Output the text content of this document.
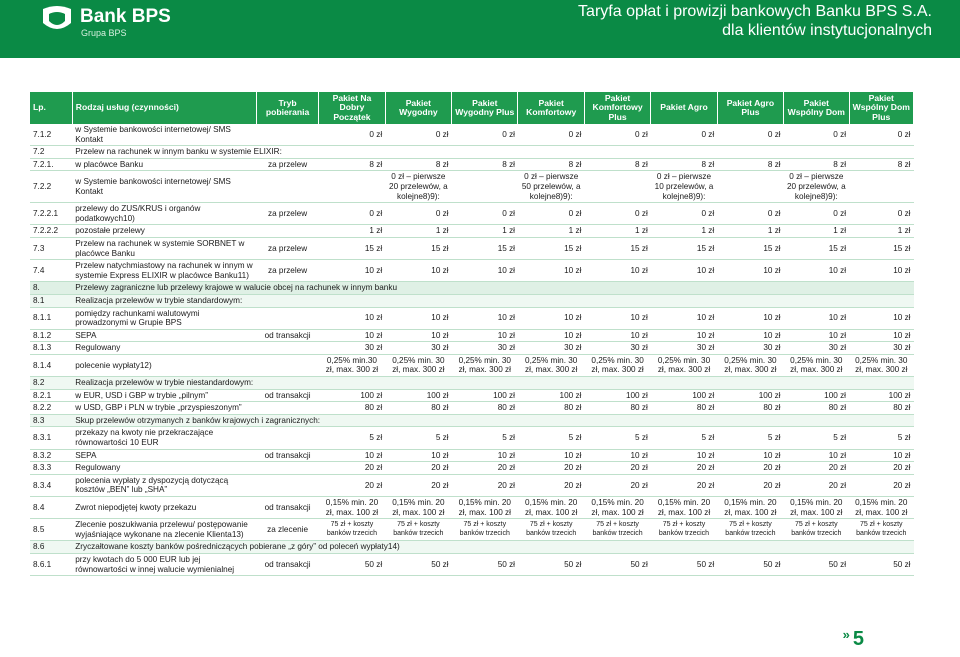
Bank BPS
Grupa BPS
Taryfa opłat i prowizji bankowych Banku BPS S.A.
dla klientów instytucjonalnych
Lp.	Rodzaj usług (czynności)	Tryb pobierania	Pakiet Na Dobry Początek	Pakiet Wygodny	Pakiet Wygodny Plus	Pakiet Komfortowy	Pakiet Komfortowy Plus	Pakiet Agro	Pakiet Agro Plus	Pakiet Wspólny Dom	Pakiet Wspólny Dom Plus
7.1.2	w Systemie bankowości internetowej/ SMS Kontakt		0 zł	0 zł	0 zł	0 zł	0 zł	0 zł	0 zł	0 zł	0 zł
7.2	Przelew na rachunek w innym banku w systemie ELIXIR:										
7.2.1.	w placówce Banku	za przelew	8 zł	8 zł	8 zł	8 zł	8 zł	8 zł	8 zł	8 zł	8 zł
7.2.2	w Systemie bankowości internetowej/ SMS Kontakt			0 zł – pierwsze 20 przelewów, a kolejne8)9):		0 zł – pierwsze 50 przelewów, a kolejne8)9):		0 zł – pierwsze 10 przelewów, a kolejne8)9):		0 zł – pierwsze 20 przelewów, a kolejne8)9):	
7.2.2.1	przelewy do ZUS/KRUS i organów podatkowych10)	za przelew	0 zł	0 zł	0 zł	0 zł	0 zł	0 zł	0 zł	0 zł	0 zł
7.2.2.2	pozostałe przelewy		1 zł	1 zł	1 zł	1 zł	1 zł	1 zł	1 zł	1 zł	1 zł
7.3	Przelew na rachunek w systemie SORBNET w placówce Banku	za przelew	15 zł	15 zł	15 zł	15 zł	15 zł	15 zł	15 zł	15 zł	15 zł
7.4	Przelew natychmiastowy na rachunek w innym w systemie Express ELIXIR w placówce Banku11)	za przelew	10 zł	10 zł	10 zł	10 zł	10 zł	10 zł	10 zł	10 zł	10 zł
8.	Przelewy zagraniczne lub przelewy krajowe w walucie obcej na rachunek w innym banku										
8.1	Realizacja przelewów w trybie standardowym:										
8.1.1	pomiędzy rachunkami walutowymi prowadzonymi w Grupie BPS		10 zł	10 zł	10 zł	10 zł	10 zł	10 zł	10 zł	10 zł	10 zł
8.1.2	SEPA	od transakcji	10 zł	10 zł	10 zł	10 zł	10 zł	10 zł	10 zł	10 zł	10 zł
8.1.3	Regulowany		30 zł	30 zł	30 zł	30 zł	30 zł	30 zł	30 zł	30 zł	30 zł
8.1.4	polecenie wypłaty12)		0,25% min.30 zł, max. 300 zł	0,25% min. 30 zł, max. 300 zł	0,25% min. 30 zł, max. 300 zł	0,25% min. 30 zł, max. 300 zł	0,25% min. 30 zł, max. 300 zł	0,25% min. 30 zł, max. 300 zł	0,25% min. 30 zł, max. 300 zł	0,25% min. 30 zł, max. 300 zł	0,25% min. 30 zł, max. 300 zł
8.2	Realizacja przelewów w trybie niestandardowym:										
8.2.1	w EUR, USD i GBP w trybie „pilnym”	od transakcji	100 zł	100 zł	100 zł	100 zł	100 zł	100 zł	100 zł	100 zł	100 zł
8.2.2	w USD, GBP i PLN w trybie „przyspieszonym”		80 zł	80 zł	80 zł	80 zł	80 zł	80 zł	80 zł	80 zł	80 zł
8.3	Skup przelewów otrzymanych z banków krajowych i zagranicznych:										
8.3.1	przekazy na kwoty nie przekraczające równowartości 10 EUR		5 zł	5 zł	5 zł	5 zł	5 zł	5 zł	5 zł	5 zł	5 zł
8.3.2	SEPA	od transakcji	10 zł	10 zł	10 zł	10 zł	10 zł	10 zł	10 zł	10 zł	10 zł
8.3.3	Regulowany		20 zł	20 zł	20 zł	20 zł	20 zł	20 zł	20 zł	20 zł	20 zł
8.3.4	polecenia wypłaty z dyspozycją dotyczącą kosztów „BEN” lub „SHA”		20 zł	20 zł	20 zł	20 zł	20 zł	20 zł	20 zł	20 zł	20 zł
8.4	Zwrot niepodjętej kwoty przekazu	od transakcji	0,15% min. 20 zł, max. 100 zł	0,15% min. 20 zł, max. 100 zł	0,15% min. 20 zł, max. 100 zł	0,15% min. 20 zł, max. 100 zł	0,15% min. 20 zł, max. 100 zł	0,15% min. 20 zł, max. 100 zł	0,15% min. 20 zł, max. 100 zł	0,15% min. 20 zł, max. 100 zł	0,15% min. 20 zł, max. 100 zł
8.5	Zlecenie poszukiwania przelewu/ postępowanie wyjaśniające wykonane na zlecenie Klienta13)	za zlecenie	75 zł + koszty banków trzecich	75 zł + koszty banków trzecich	75 zł + koszty banków trzecich	75 zł + koszty banków trzecich	75 zł + koszty banków trzecich	75 zł + koszty banków trzecich	75 zł + koszty banków trzecich	75 zł + koszty banków trzecich	75 zł + koszty banków trzecich
8.6	Zryczałtowane koszty banków pośredniczących pobierane „z góry” od poleceń wypłaty14)										
8.6.1	przy kwotach do 5 000 EUR lub jej równowartości w innej walucie wymienialnej	od transakcji	50 zł	50 zł	50 zł	50 zł	50 zł	50 zł	50 zł	50 zł	50 zł
» 5
